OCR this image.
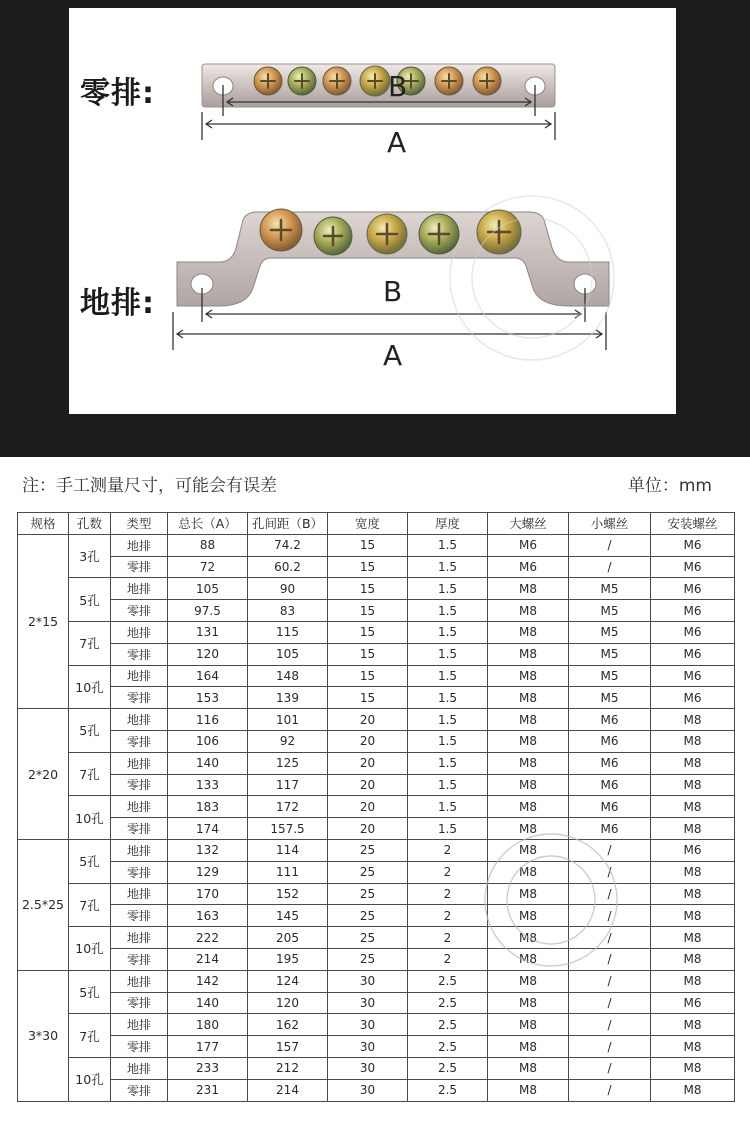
零排:
地排:
B
A
B
A
注：手工测量尺寸，可能会有误差	单位：mm
规格	孔数	类型	总长（A）	孔间距（B）	宽度	厚度	大螺丝	小螺丝	安装螺丝
2*15	3孔	地排	88	74.2	15	1.5	M6	/	M6
		零排	72	60.2	15	1.5	M6	/	M6
	5孔	地排	105	90	15	1.5	M8	M5	M6
		零排	97.5	83	15	1.5	M8	M5	M6
	7孔	地排	131	115	15	1.5	M8	M5	M6
		零排	120	105	15	1.5	M8	M5	M6
	10孔	地排	164	148	15	1.5	M8	M5	M6
		零排	153	139	15	1.5	M8	M5	M6
2*20	5孔	地排	116	101	20	1.5	M8	M6	M8
		零排	106	92	20	1.5	M8	M6	M8
	7孔	地排	140	125	20	1.5	M8	M6	M8
		零排	133	117	20	1.5	M8	M6	M8
	10孔	地排	183	172	20	1.5	M8	M6	M8
		零排	174	157.5	20	1.5	M8	M6	M8
2.5*25	5孔	地排	132	114	25	2	M8	/	M6
		零排	129	111	25	2	M8	/	M8
	7孔	地排	170	152	25	2	M8	/	M8
		零排	163	145	25	2	M8	/	M8
	10孔	地排	222	205	25	2	M8	/	M8
		零排	214	195	25	2	M8	/	M8
3*30	5孔	地排	142	124	30	2.5	M8	/	M8
		零排	140	120	30	2.5	M8	/	M6
	7孔	地排	180	162	30	2.5	M8	/	M8
		零排	177	157	30	2.5	M8	/	M8
	10孔	地排	233	212	30	2.5	M8	/	M8
		零排	231	214	30	2.5	M8	/	M8
